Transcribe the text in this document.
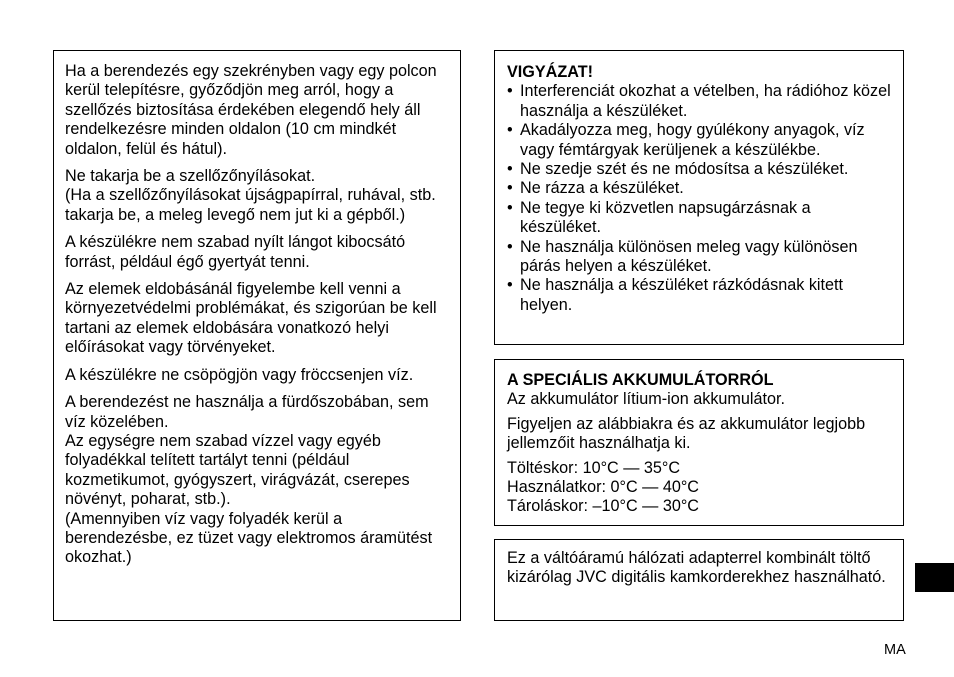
Ha a berendezés egy szekrényben vagy egy polcon kerül telepítésre, győződjön meg arról, hogy a szellőzés biztosítása érdekében elegendő hely áll rendelkezésre minden oldalon (10 cm mindkét oldalon, felül és hátul).

Ne takarja be a szellőzőnyílásokat.
(Ha a szellőzőnyílásokat újságpapírral, ruhával, stb. takarja be, a meleg levegő nem jut ki a gépből.)

A készülékre nem szabad nyílt lángot kibocsátó forrást, például égő gyertyát tenni.

Az elemek eldobásánál figyelembe kell venni a környezetvédelmi problémákat, és szigorúan be kell tartani az elemek eldobására vonatkozó helyi előírásokat vagy törvényeket.

A készülékre ne csöpögjön vagy fröccsenjen víz.

A berendezést ne használja a fürdőszobában, sem víz közelében.
Az egységre nem szabad vízzel vagy egyéb folyadékkal telített tartályt tenni (például kozmetikumot, gyógyszert, virágvázát, cserepes növényt, poharat, stb.).
(Amennyiben víz vagy folyadék kerül a berendezésbe, ez tüzet vagy elektromos áramütést okozhat.)

VIGYÁZAT!

• Interferenciát okozhat a vételben, ha rádióhoz közel használja a készüléket.
• Akadályozza meg, hogy gyúlékony anyagok, víz vagy fémtárgyak kerüljenek a készülékbe.
• Ne szedje szét és ne módosítsa a készüléket.
• Ne rázza a készüléket.
• Ne tegye ki közvetlen napsugárzásnak a készüléket.
• Ne használja különösen meleg vagy különösen párás helyen a készüléket.
• Ne használja a készüléket rázkódásnak kitett helyen.

A SPECIÁLIS AKKUMULÁTORRÓL

Az akkumulátor lítium-ion akkumulátor.

Figyeljen az alábbiakra és az akkumulátor legjobb jellemzőit használhatja ki.

Töltéskor: 10°C — 35°C

Használatkor: 0°C — 40°C

Tároláskor: –10°C — 30°C

Ez a váltóáramú hálózati adapterrel kombinált töltő kizárólag JVC digitális kamkorderekhez használható.

MA
